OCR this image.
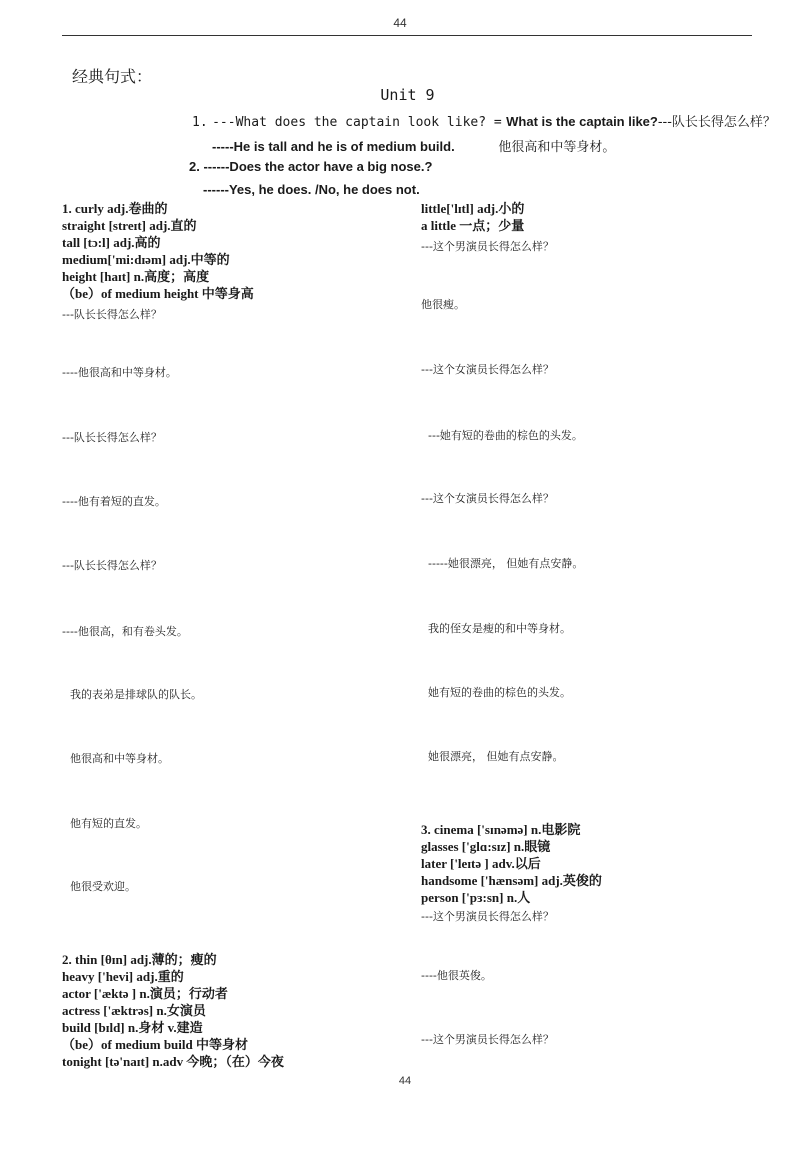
44
经典句式：
Unit 9
1. ---What does the captain look like? = What is the captain like?---队长长得怎么样？
-----He is tall and he is of medium build.	他很高和中等身材。
2. ------Does the actor have a big nose.?
------Yes, he does. /No, he does not.
1. curly adj.卷曲的
straight [streɪt] adj.直的
tall [tɔ:l] adj.高的
medium['mi:dɪəm] adj.中等的
height [haɪt] n.高度；高度
（be）of medium height 中等身高
---队长长得怎么样？
----他很高和中等身材。
---队长长得怎么样？
----他有着短的直发。
---队长长得怎么样？
----他很高，和有卷头发。
我的表弟是排球队的队长。
他很高和中等身材。
他有短的直发。
他很受欢迎。
2. thin [θɪn] adj.薄的；瘦的
heavy ['hevi] adj.重的
actor ['æktə ] n.演员；行动者
actress ['æktrəs] n.女演员
build [bɪld] n.身材 v.建造
（be）of medium build 中等身材
tonight [tə'naɪt] n.adv 今晚；（在）今夜
little['lɪtl] adj.小的
a little 一点；少量
---这个男演员长得怎么样？
他很瘦。
---这个女演员长得怎么样？
---她有短的卷曲的棕色的头发。
---这个女演员长得怎么样？
-----她很漂亮， 但她有点安静。
我的侄女是瘦的和中等身材。
她有短的卷曲的棕色的头发。
她很漂亮， 但她有点安静。
3. cinema ['sɪnəmə] n.电影院
glasses ['glɑ:sɪz] n.眼镜
later ['leɪtə ] adv.以后
handsome ['hænsəm] adj.英俊的
person ['pɜ:sn] n.人
---这个男演员长得怎么样？
----他很英俊。
---这个男演员长得怎么样？
44
